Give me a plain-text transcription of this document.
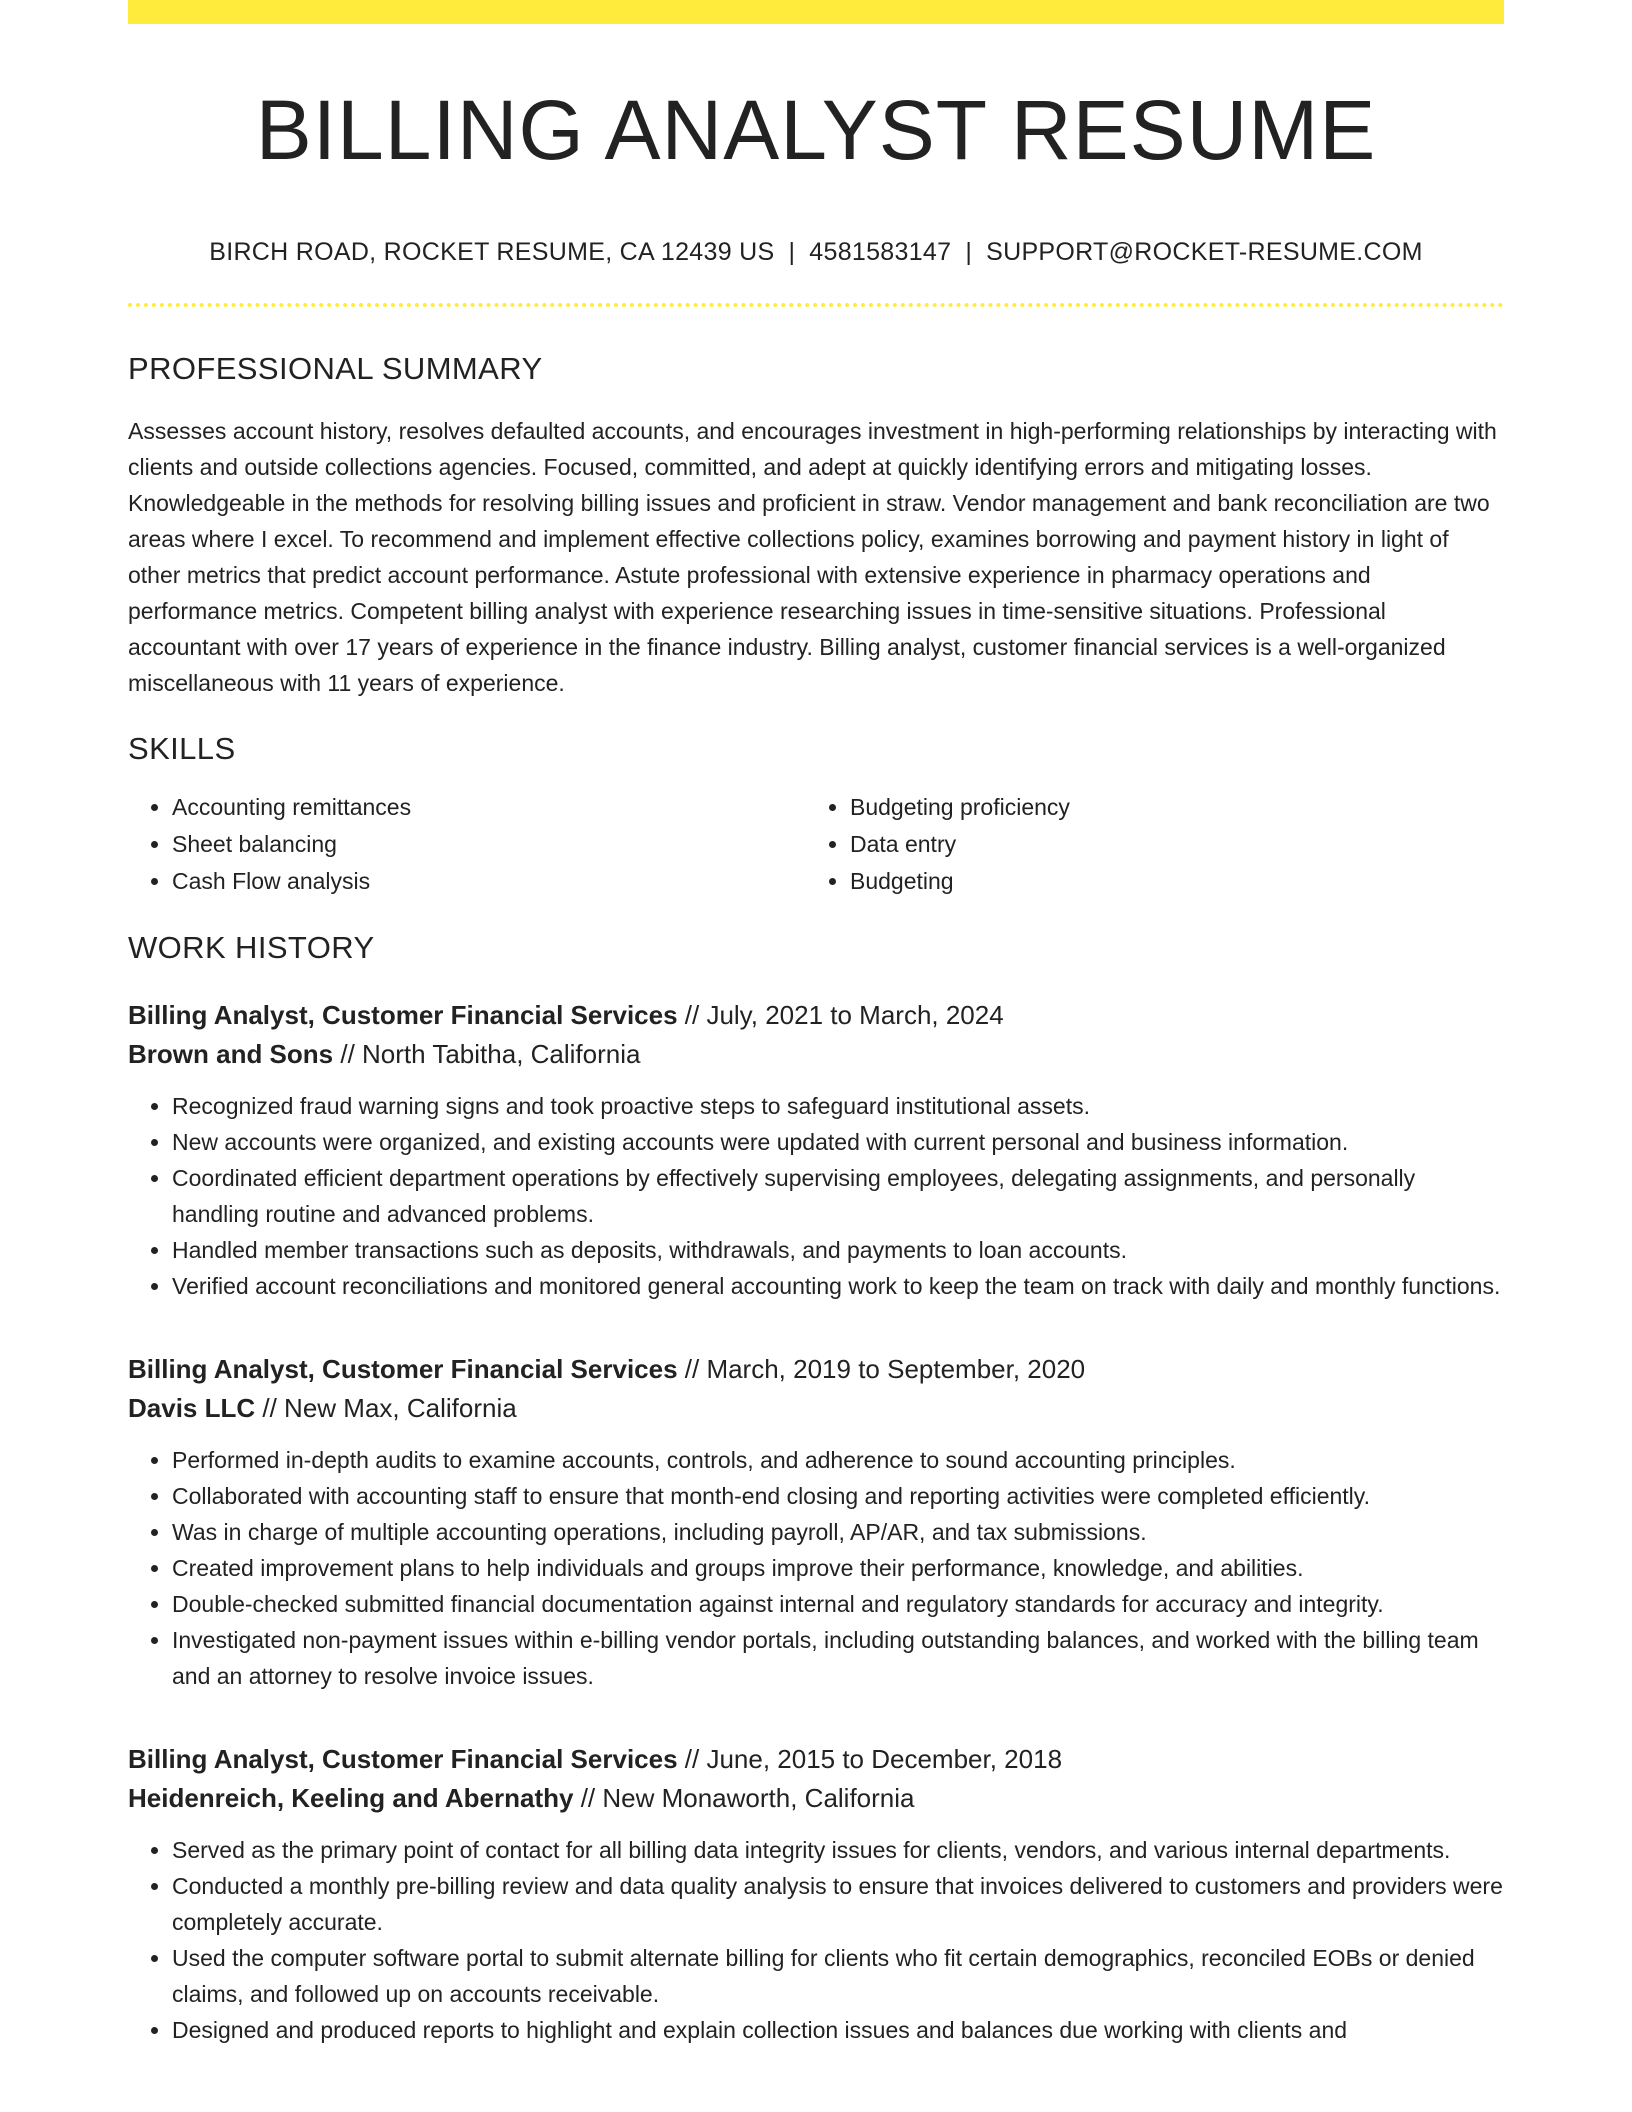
BILLING ANALYST RESUME
BIRCH ROAD, ROCKET RESUME, CA 12439 US | 4581583147 | SUPPORT@ROCKET-RESUME.COM
PROFESSIONAL SUMMARY
Assesses account history, resolves defaulted accounts, and encourages investment in high-performing relationships by interacting with clients and outside collections agencies. Focused, committed, and adept at quickly identifying errors and mitigating losses. Knowledgeable in the methods for resolving billing issues and proficient in straw. Vendor management and bank reconciliation are two areas where I excel. To recommend and implement effective collections policy, examines borrowing and payment history in light of other metrics that predict account performance. Astute professional with extensive experience in pharmacy operations and performance metrics. Competent billing analyst with experience researching issues in time-sensitive situations. Professional accountant with over 17 years of experience in the finance industry. Billing analyst, customer financial services is a well-organized miscellaneous with 11 years of experience.
SKILLS
• Accounting remittances
• Sheet balancing
• Cash Flow analysis
• Budgeting proficiency
• Data entry
• Budgeting
WORK HISTORY
Billing Analyst, Customer Financial Services // July, 2021 to March, 2024
Brown and Sons // North Tabitha, California
• Recognized fraud warning signs and took proactive steps to safeguard institutional assets.
• New accounts were organized, and existing accounts were updated with current personal and business information.
• Coordinated efficient department operations by effectively supervising employees, delegating assignments, and personally handling routine and advanced problems.
• Handled member transactions such as deposits, withdrawals, and payments to loan accounts.
• Verified account reconciliations and monitored general accounting work to keep the team on track with daily and monthly functions.
Billing Analyst, Customer Financial Services // March, 2019 to September, 2020
Davis LLC // New Max, California
• Performed in-depth audits to examine accounts, controls, and adherence to sound accounting principles.
• Collaborated with accounting staff to ensure that month-end closing and reporting activities were completed efficiently.
• Was in charge of multiple accounting operations, including payroll, AP/AR, and tax submissions.
• Created improvement plans to help individuals and groups improve their performance, knowledge, and abilities.
• Double-checked submitted financial documentation against internal and regulatory standards for accuracy and integrity.
• Investigated non-payment issues within e-billing vendor portals, including outstanding balances, and worked with the billing team and an attorney to resolve invoice issues.
Billing Analyst, Customer Financial Services // June, 2015 to December, 2018
Heidenreich, Keeling and Abernathy // New Monaworth, California
• Served as the primary point of contact for all billing data integrity issues for clients, vendors, and various internal departments.
• Conducted a monthly pre-billing review and data quality analysis to ensure that invoices delivered to customers and providers were completely accurate.
• Used the computer software portal to submit alternate billing for clients who fit certain demographics, reconciled EOBs or denied claims, and followed up on accounts receivable.
• Designed and produced reports to highlight and explain collection issues and balances due working with clients and
